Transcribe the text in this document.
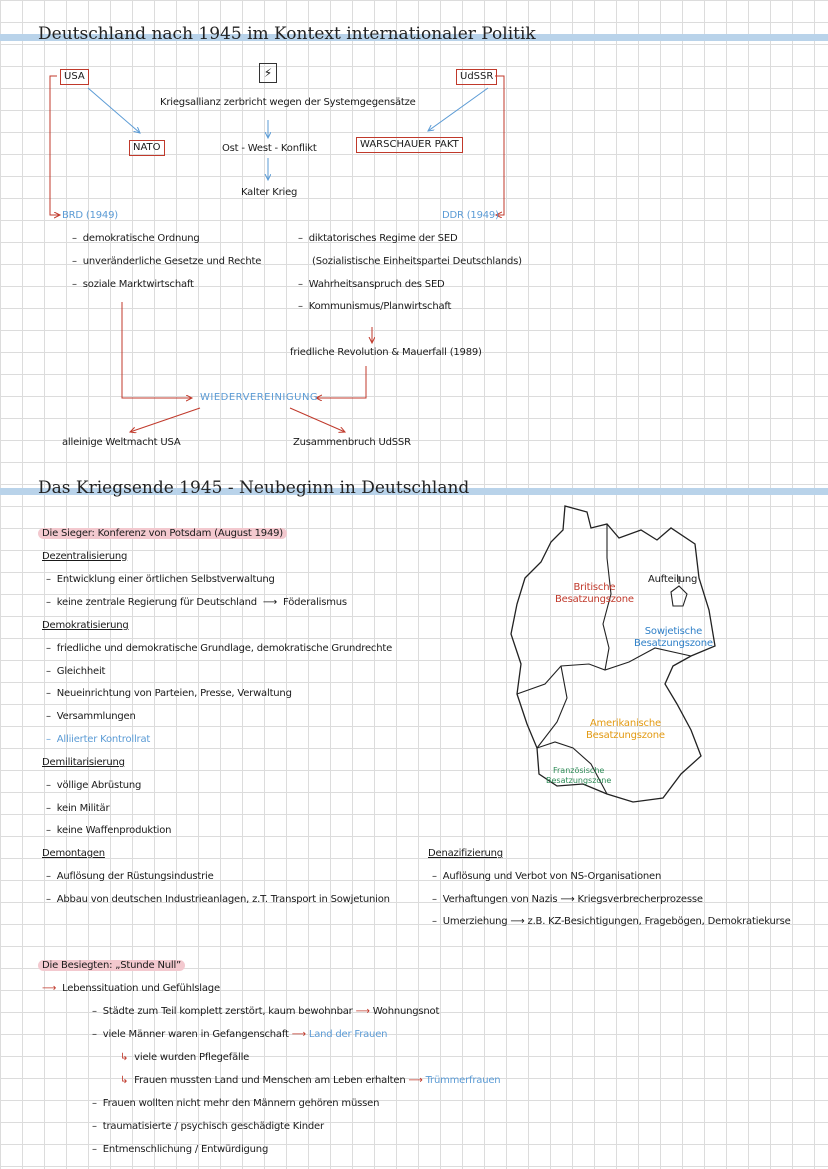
Deutschland nach 1945 im Kontext internationaler Politik
USA	⚡	UdSSR
Kriegsallianz zerbricht wegen der Systemgegensätze
NATO	Ost - West - Konflikt	WARSCHAUER PAKT
Kalter Krieg
BRD (1949)	DDR (1949)
–  demokratische Ordnung
–  unveränderliche Gesetze und Rechte
–  soziale Marktwirtschaft
–  diktatorisches Regime der SED
(Sozialistische Einheitspartei Deutschlands)
–  Wahrheitsanspruch des SED
–  Kommunismus/Planwirtschaft
friedliche Revolution & Mauerfall (1989)
WIEDERVEREINIGUNG
alleinige Weltmacht USA	Zusammenbruch UdSSR
Das Kriegsende 1945 - Neubeginn in Deutschland
Die Sieger: Konferenz von Potsdam (August 1949)
Dezentralisierung
–  Entwicklung einer örtlichen Selbstverwaltung
–  keine zentrale Regierung für Deutschland  ⟶  Föderalismus
Demokratisierung
–  friedliche und demokratische Grundlage, demokratische Grundrechte
–  Gleichheit
–  Neueinrichtung von Parteien, Presse, Verwaltung
–  Versammlungen
–  Alliierter Kontrollrat
Demilitarisierung
–  völlige Abrüstung
–  kein Militär
–  keine Waffenproduktion
Demontagen
–  Auflösung der Rüstungsindustrie
–  Abbau von deutschen Industrieanlagen, z.T. Transport in Sowjetunion
Denazifizierung
–  Auflösung und Verbot von NS-Organisationen
–  Verhaftungen von Nazis ⟶ Kriegsverbrecherprozesse
–  Umerziehung ⟶ z.B. KZ-Besichtigungen, Fragebögen, Demokratiekurse
Britische
Besatzungszone
Aufteilung
Sowjetische
Besatzungszone
Amerikanische
Besatzungszone
Französische
Besatzungszone
Die Besiegten: „Stunde Null”
⟶ Lebenssituation und Gefühlslage
–  Städte zum Teil komplett zerstört, kaum bewohnbar ⟶ Wohnungsnot
–  viele Männer waren in Gefangenschaft ⟶ Land der Frauen
↳ viele wurden Pflegefälle
↳ Frauen mussten Land und Menschen am Leben erhalten ⟶ Trümmerfrauen
–  Frauen wollten nicht mehr den Männern gehören müssen
–  traumatisierte / psychisch geschädigte Kinder
–  Entmenschlichung / Entwürdigung
